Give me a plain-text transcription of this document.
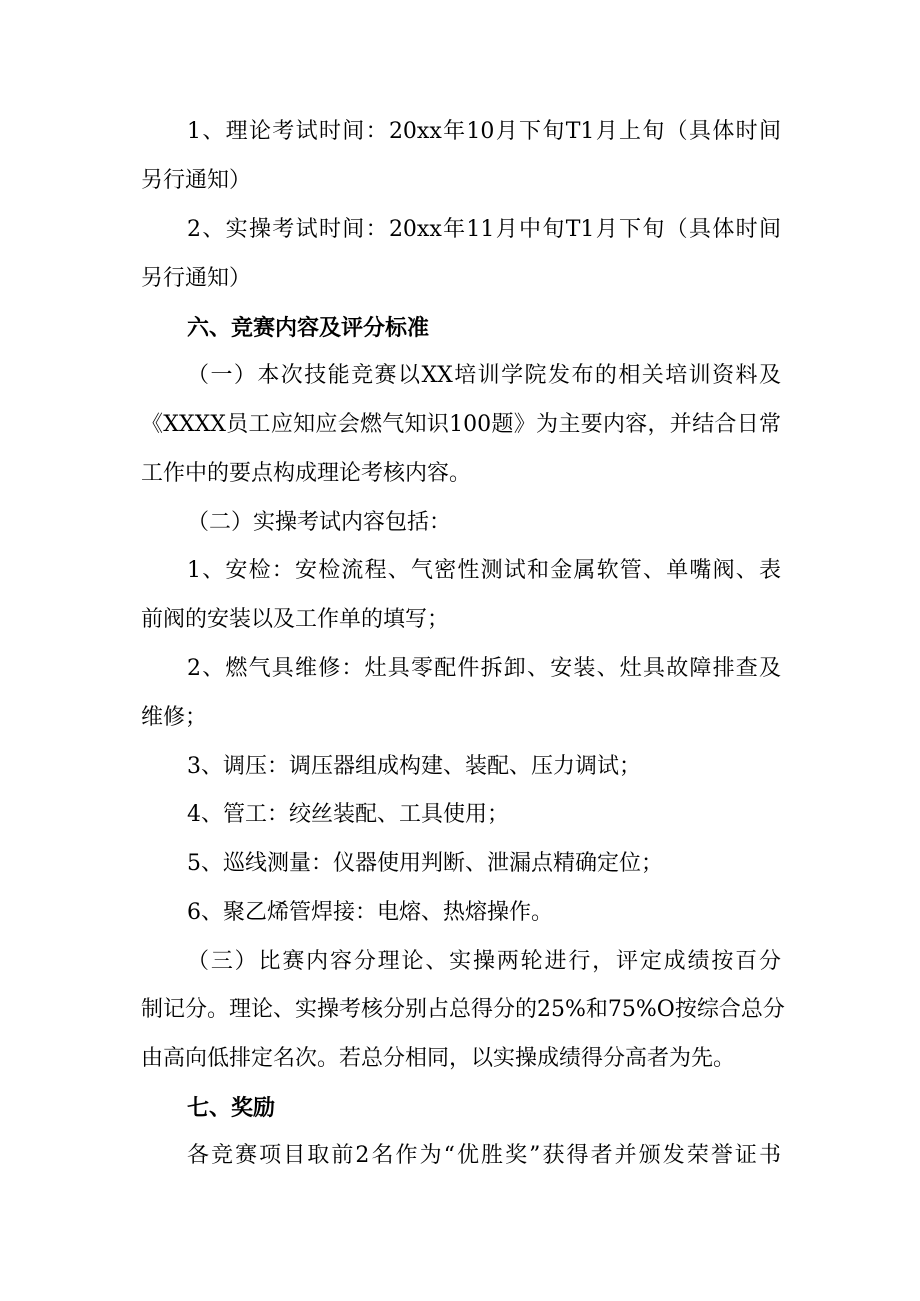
1、理论考试时间：20xx年10月下旬T1月上旬（具体时间
另行通知）
2、实操考试时间：20xx年11月中旬T1月下旬（具体时间
另行通知）
六、竞赛内容及评分标准
（一）本次技能竞赛以XX培训学院发布的相关培训资料及
《XXXX员工应知应会燃气知识100题》为主要内容，并结合日常
工作中的要点构成理论考核内容。
（二）实操考试内容包括：
1、安检：安检流程、气密性测试和金属软管、单嘴阀、表
前阀的安装以及工作单的填写；
2、燃气具维修：灶具零配件拆卸、安装、灶具故障排查及
维修；
3、调压：调压器组成构建、装配、压力调试；
4、管工：绞丝装配、工具使用；
5、巡线测量：仪器使用判断、泄漏点精确定位；
6、聚乙烯管焊接：电熔、热熔操作。
（三）比赛内容分理论、实操两轮进行，评定成绩按百分
制记分。理论、实操考核分别占总得分的25%和75%O按综合总分
由高向低排定名次。若总分相同，以实操成绩得分高者为先。
七、奖励
各竞赛项目取前2名作为“优胜奖”获得者并颁发荣誉证书
